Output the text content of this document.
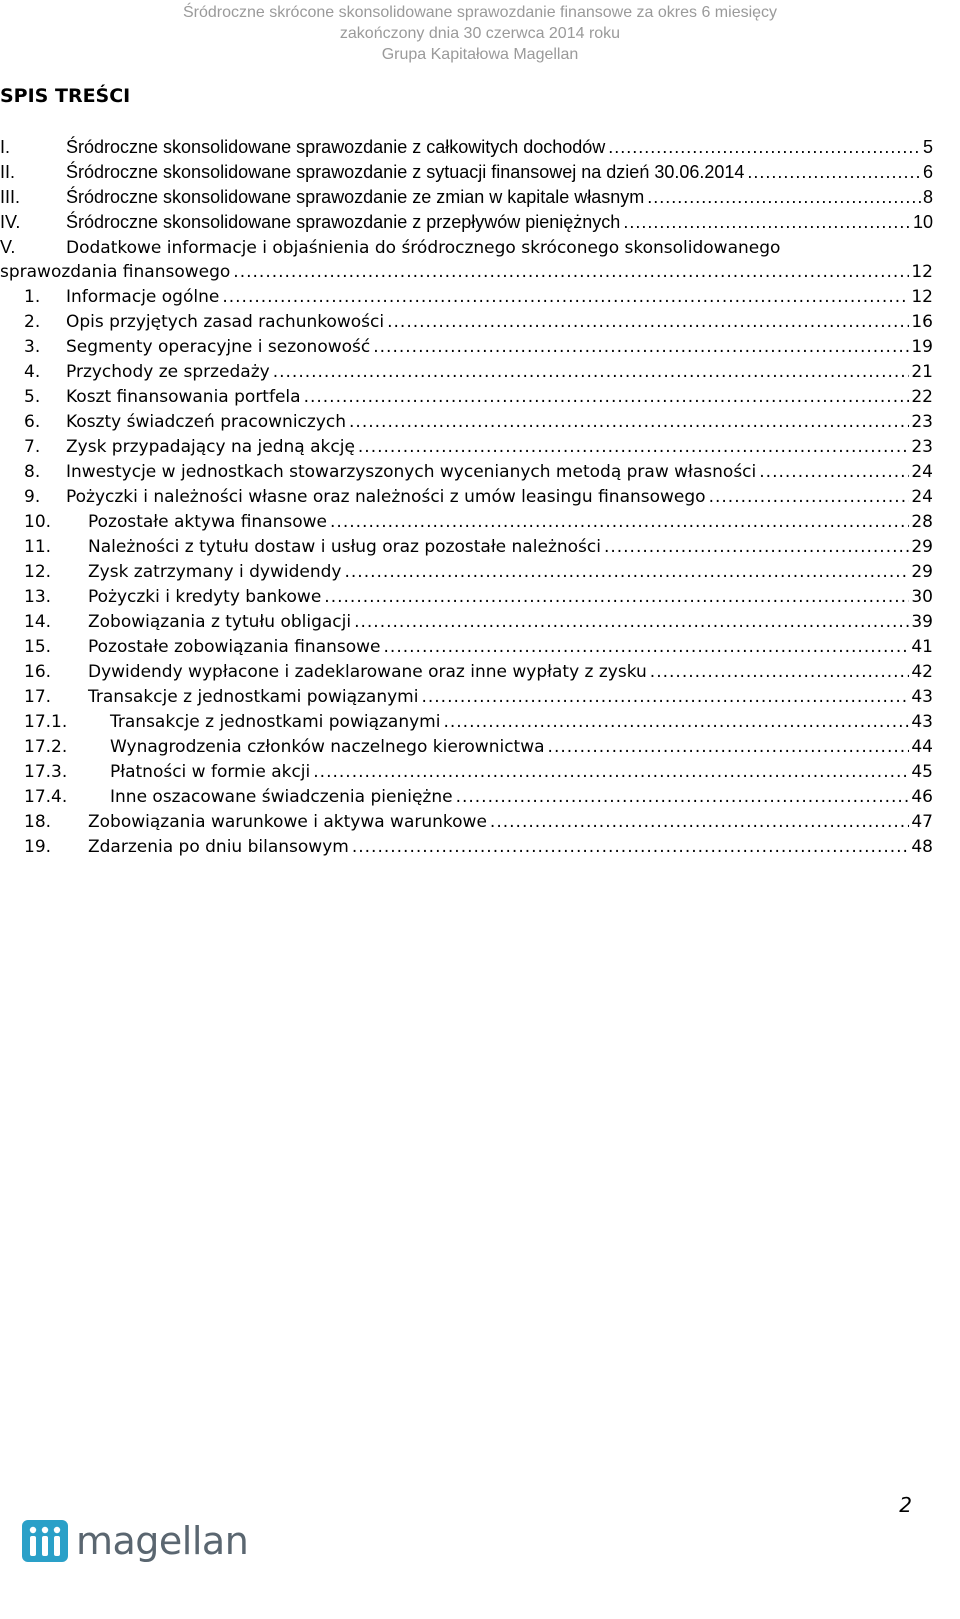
Śródroczne skrócone skonsolidowane sprawozdanie finansowe za okres 6 miesięcy
zakończony dnia 30 czerwca 2014 roku
Grupa Kapitałowa Magellan
SPIS TREŚCI
I.	Śródroczne skonsolidowane sprawozdanie z całkowitych dochodów .....	5
II.	Śródroczne skonsolidowane sprawozdanie z sytuacji finansowej na dzień 30.06.2014 .....	6
III.	Śródroczne skonsolidowane sprawozdanie ze zmian w kapitale własnym .....	8
IV.	Śródroczne skonsolidowane sprawozdanie z przepływów pieniężnych .....	10
V.	Dodatkowe informacje i objaśnienia do śródrocznego skróconego skonsolidowanego
sprawozdania finansowego .....	12
1.	Informacje ogólne .....	12
2.	Opis przyjętych zasad rachunkowości .....	16
3.	Segmenty operacyjne i sezonowość .....	19
4.	Przychody ze sprzedaży .....	21
5.	Koszt finansowania portfela .....	22
6.	Koszty świadczeń pracowniczych .....	23
7.	Zysk przypadający na jedną akcję .....	23
8.	Inwestycje w jednostkach stowarzyszonych wycenianych metodą praw własności .....	24
9.	Pożyczki i należności własne oraz należności z umów leasingu finansowego .....	24
10.	Pozostałe aktywa finansowe .....	28
11.	Należności z tytułu dostaw i usług oraz pozostałe należności .....	29
12.	Zysk zatrzymany i dywidendy .....	29
13.	Pożyczki i kredyty bankowe .....	30
14.	Zobowiązania z tytułu obligacji .....	39
15.	Pozostałe zobowiązania finansowe .....	41
16.	Dywidendy wypłacone i zadeklarowane oraz inne wypłaty z zysku .....	42
17.	Transakcje z jednostkami powiązanymi .....	43
17.1.	Transakcje z jednostkami powiązanymi .....	43
17.2.	Wynagrodzenia członków naczelnego kierownictwa .....	44
17.3.	Płatności w formie akcji .....	45
17.4.	Inne oszacowane świadczenia pieniężne .....	46
18.	Zobowiązania warunkowe i aktywa warunkowe .....	47
19.	Zdarzenia po dniu bilansowym .....	48
2
magellan
